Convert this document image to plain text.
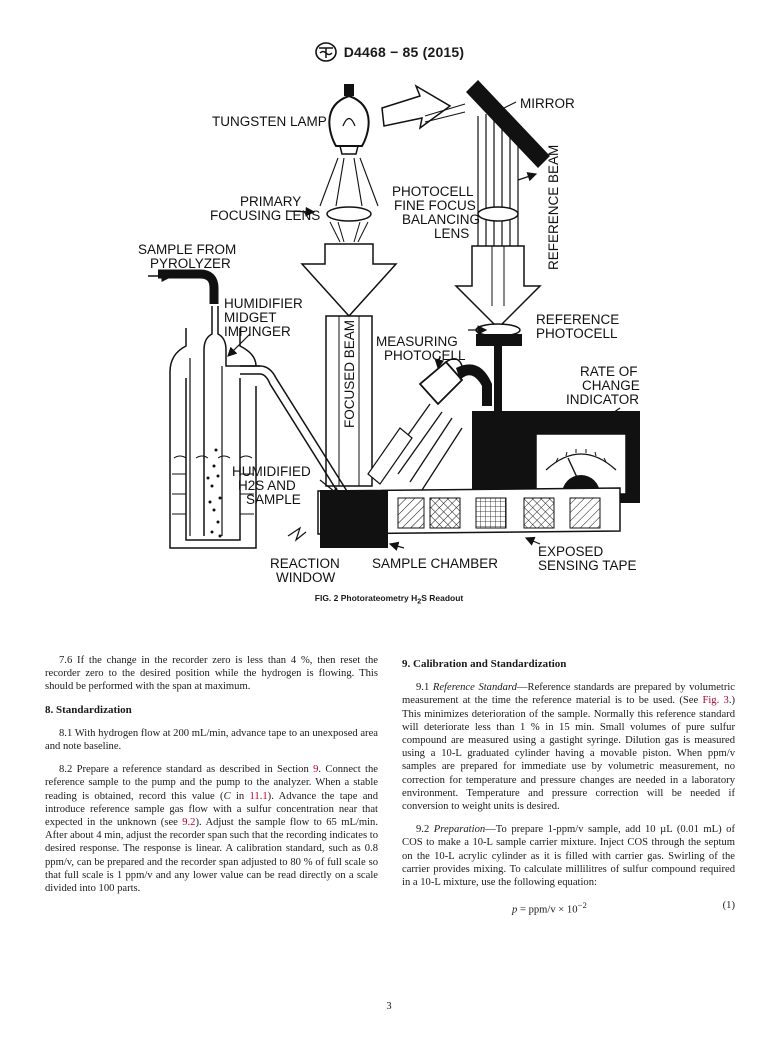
D4468 − 85 (2015)
TUNGSTEN LAMP
MIRROR
REFERENCE BEAM
PHOTOCELL
FINE FOCUS
BALANCING
LENS
PRIMARY
FOCUSING LENS
SAMPLE FROM
PYROLYZER
HUMIDIFIER
MIDGET
IMPINGER
MEASURING
PHOTOCELL
REFERENCE
PHOTOCELL
RATE OF
CHANGE
INDICATOR
FOCUSED BEAM
HUMIDIFIED
H2S AND
SAMPLE
REACTION
WINDOW
SAMPLE CHAMBER
EXPOSED
SENSING TAPE
FIG. 2 Photorateometry $H_2S$ Readout

7.6 If the change in the recorder zero is less than 4 %, then reset the recorder zero to the desired position while the hydrogen is flowing. This should be performed with the span at maximum.

8. Standardization

8.1 With hydrogen flow at 200 mL/min, advance tape to an unexposed area and note baseline.

8.2 Prepare a reference standard as described in Section 9. Connect the reference sample to the pump and the pump to the analyzer. When a stable reading is obtained, record this value (C in 11.1). Advance the tape and introduce reference sample gas flow with a sulfur concentration near that expected in the unknown (see 9.2). Adjust the sample flow to 65 mL/min. After about 4 min, adjust the recorder span such that the recording indicates to desired response. The response is linear. A calibration standard, such as 0.8 ppm/v, can be prepared and the recorder span adjusted to 80 % of full scale so that full scale is 1 ppm/v and any lower value can be read directly on a scale divided into 100 parts.

9. Calibration and Standardization

9.1 Reference Standard—Reference standards are prepared by volumetric measurement at the time the reference material is to be used. (See Fig. 3.) This minimizes deterioration of the sample. Normally this reference standard will deteriorate less than 1 % in 15 min. Small volumes of pure sulfur compound are measured using a gastight syringe. Dilution gas is measured using a 10-L graduated cylinder having a movable piston. When ppm/v samples are prepared for immediate use by volumetric measurement, no correction for temperature and pressure changes are needed in a laboratory environment. Temperature and pressure correction will be needed if conversion to weight units is desired.

9.2 Preparation—To prepare 1-ppm/v sample, add 10 µL (0.01 mL) of COS to make a 10-L sample carrier mixture. Inject COS through the septum on the 10-L acrylic cylinder as it is filled with carrier gas. Swirling of the carrier provides mixing. To calculate millilitres of sulfur compound required in a 10-L mixture, use the following equation:

$p = ppm/v \times 10^{-2}$	(1)
3
